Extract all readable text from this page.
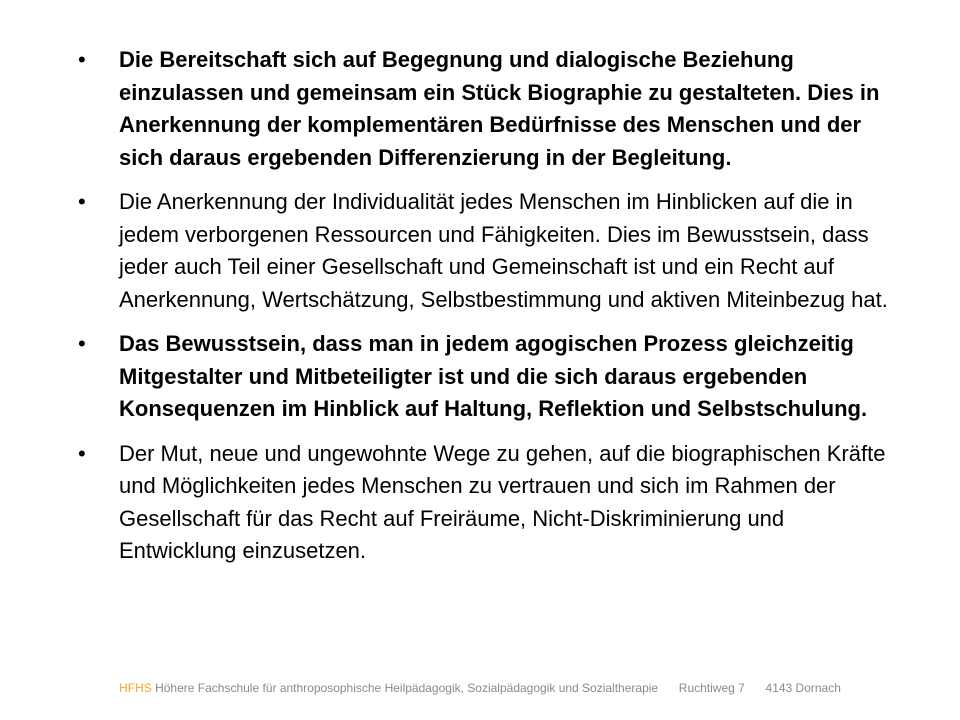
•	Die Bereitschaft sich auf Begegnung und dialogische Beziehung einzulassen und gemeinsam ein Stück Biographie zu gestalteten. Dies in Anerkennung der komplementären Bedürfnisse des Menschen und der sich daraus ergebenden Differenzierung in der Begleitung.
•	Die Anerkennung der Individualität jedes Menschen im Hinblicken auf die in jedem verborgenen Ressourcen und Fähigkeiten. Dies im Bewusstsein, dass jeder auch Teil einer Gesellschaft und Gemeinschaft ist und ein Recht auf Anerkennung, Wertschätzung, Selbstbestimmung und aktiven Miteinbezug hat.
•	Das Bewusstsein, dass man in jedem agogischen Prozess gleichzeitig Mitgestalter und Mitbeteiligter ist und die sich daraus ergebenden Konsequenzen im Hinblick auf Haltung, Reflektion und Selbstschulung.
•	Der Mut, neue und ungewohnte Wege zu gehen, auf die biographischen Kräfte und Möglichkeiten jedes Menschen zu vertrauen und sich im Rahmen der Gesellschaft für das Recht auf Freiräume, Nicht-Diskriminierung und Entwicklung einzusetzen.
HFHS Höhere Fachschule für anthroposophische Heilpädagogik, Sozialpädagogik und Sozialtherapie Ruchtiweg 7 4143 Dornach
